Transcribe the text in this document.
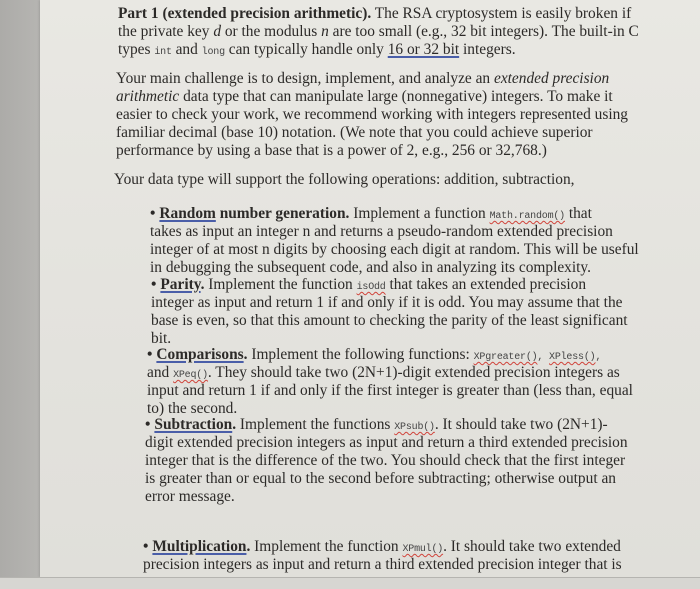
Part 1 (extended precision arithmetic). The RSA cryptosystem is easily broken if
the private key d or the modulus n are too small (e.g., 32 bit integers). The built-in C
types int and long can typically handle only 16 or 32 bit integers.
Your main challenge is to design, implement, and analyze an extended precision
arithmetic data type that can manipulate large (nonnegative) integers. To make it
easier to check your work, we recommend working with integers represented using
familiar decimal (base 10) notation. (We note that you could achieve superior
performance by using a base that is a power of 2, e.g., 256 or 32,768.)
Your data type will support the following operations: addition, subtraction,
• Random number generation. Implement a function Math.random() that
takes as input an integer n and returns a pseudo-random extended precision
integer of at most n digits by choosing each digit at random. This will be useful
in debugging the subsequent code, and also in analyzing its complexity.
• Parity. Implement the function isOdd that takes an extended precision
integer as input and return 1 if and only if it is odd. You may assume that the
base is even, so that this amount to checking the parity of the least significant
bit.
• Comparisons. Implement the following functions: XPgreater(), XPless(),
and XPeq(). They should take two (2N+1)-digit extended precision integers as
input and return 1 if and only if the first integer is greater than (less than, equal
to) the second.
• Subtraction. Implement the functions XPsub(). It should take two (2N+1)-
digit extended precision integers as input and return a third extended precision
integer that is the difference of the two. You should check that the first integer
is greater than or equal to the second before subtracting; otherwise output an
error message.
• Multiplication. Implement the function XPmul(). It should take two extended
precision integers as input and return a third extended precision integer that is
